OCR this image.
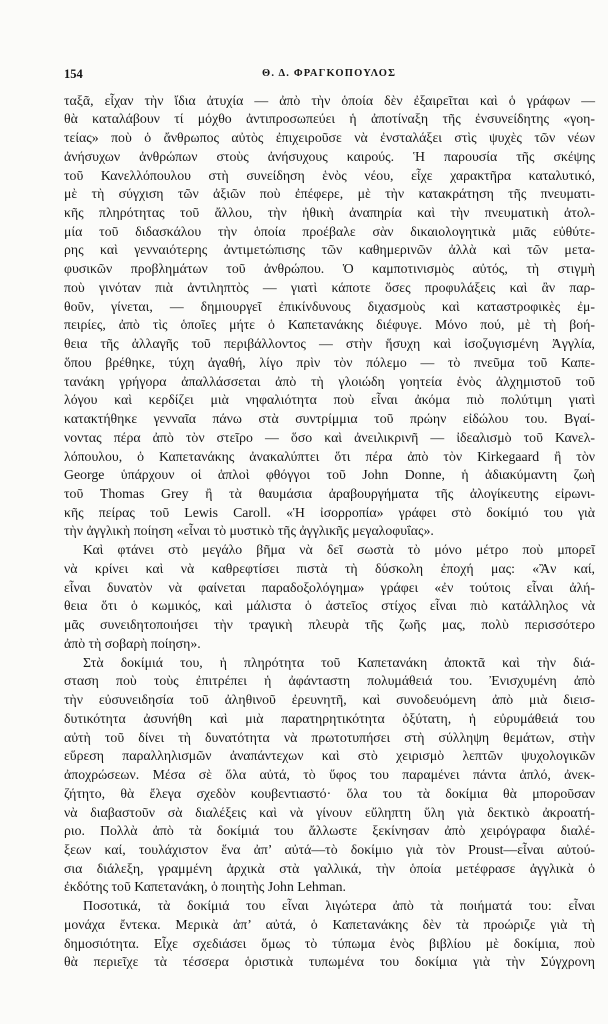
154	Θ. Δ. ΦΡΑΓΚΟΠΟΥΛΟΣ
ταξᾶ, εἶχαν τὴν ἴδια ἀτυχία — ἀπὸ τὴν ὁποία δὲν ἐξαιρεῖται καὶ ὁ γράφων —
θὰ καταλάβουν τί μόχθο ἀντιπροσωπεύει ἡ ἀποτίναξη τῆς ἐνσυνείδητης «γοη-
τείας» ποὺ ὁ ἄνθρωπος αὐτὸς ἐπιχειροῦσε νὰ ἐνσταλάξει στὶς ψυχὲς τῶν νέων
ἀνήσυχων ἀνθρώπων στοὺς ἀνήσυχους καιρούς. Ἡ παρουσία τῆς σκέψης
τοῦ Κανελλόπουλου στὴ συνείδηση ἑνὸς νέου, εἶχε χαρακτῆρα καταλυτικό,
μὲ τὴ σύγχιση τῶν ἀξιῶν ποὺ ἐπέφερε, μὲ τὴν κατακράτηση τῆς πνευματι-
κῆς πληρότητας τοῦ ἄλλου, τὴν ἠθικὴ ἀναπηρία καὶ τὴν πνευματικὴ ἀτολ-
μία τοῦ διδασκάλου τὴν ὁποία προέβαλε σὰν δικαιολογητικὰ μιᾶς εὐθύτε-
ρης καὶ γενναιότερης ἀντιμετώπισης τῶν καθημερινῶν ἀλλὰ καὶ τῶν μετα-
φυσικῶν προβλημάτων τοῦ ἀνθρώπου. Ὁ καμποτινισμὸς αὐτός, τὴ στιγμὴ
ποὺ γινόταν πιὰ ἀντιληπτὸς — γιατὶ κάποτε ὅσες προφυλάξεις καὶ ἂν παρ-
θοῦν, γίνεται, — δημιουργεῖ ἐπικίνδυνους διχασμοὺς καὶ καταστροφικὲς ἐμ-
πειρίες, ἀπὸ τὶς ὁποῖες μήτε ὁ Καπετανάκης διέφυγε. Μόνο πού, μὲ τὴ βοή-
θεια τῆς ἀλλαγῆς τοῦ περιβάλλοντος — στὴν ἥσυχη καὶ ἰσοζυγισμένη Ἀγγλία,
ὅπου βρέθηκε, τύχη ἀγαθή, λίγο πρὶν τὸν πόλεμο — τὸ πνεῦμα τοῦ Καπε-
τανάκη γρήγορα ἀπαλλάσσεται ἀπὸ τὴ γλοιώδη γοητεία ἑνὸς ἀλχημιστοῦ τοῦ
λόγου καὶ κερδίζει μιὰ νηφαλιότητα ποὺ εἶναι ἀκόμα πιὸ πολύτιμη γιατὶ
κατακτήθηκε γενναῖα πάνω στὰ συντρίμμια τοῦ πρώην εἰδώλου του. Βγαί-
νοντας πέρα ἀπὸ τὸν στεῖρο — ὅσο καὶ ἀνειλικρινῆ — ἰδεαλισμὸ τοῦ Κανελ-
λόπουλου, ὁ Καπετανάκης ἀνακαλύπτει ὅτι πέρα ἀπὸ τὸν Kirkegaard ἢ τὸν
George ὑπάρχουν οἱ ἁπλοὶ φθόγγοι τοῦ John Donne, ἡ ἀδιακύμαντη ζωὴ
τοῦ Thomas Grey ἢ τὰ θαυμάσια ἀραβουργήματα τῆς ἀλογίκευτης εἰρωνι-
κῆς πείρας τοῦ Lewis Caroll. «Ἡ ἰσορροπία» γράφει στὸ δοκίμιό του γιὰ
τὴν ἀγγλικὴ ποίηση «εἶναι τὸ μυστικὸ τῆς ἀγγλικῆς μεγαλοφυΐας».
Καὶ φτάνει στὸ μεγάλο βῆμα νὰ δεῖ σωστὰ τὸ μόνο μέτρο ποὺ μπορεῖ
νὰ κρίνει καὶ νὰ καθρεφτίσει πιστὰ τὴ δύσκολη ἐποχή μας: «Ἂν καί,
εἶναι δυνατὸν νὰ φαίνεται παραδοξολόγημα» γράφει «ἐν τούτοις εἶναι ἀλή-
θεια ὅτι ὁ κωμικός, καὶ μάλιστα ὁ ἀστεῖος στίχος εἶναι πιὸ κατάλληλος νὰ
μᾶς συνειδητοποιήσει τὴν τραγικὴ πλευρὰ τῆς ζωῆς μας, πολὺ περισσότερο
ἀπὸ τὴ σοβαρὴ ποίηση».
Στὰ δοκίμιά του, ἡ πληρότητα τοῦ Καπετανάκη ἀποκτᾶ καὶ τὴν διά-
σταση ποὺ τοὺς ἐπιτρέπει ἡ ἀφάνταστη πολυμάθειά του. Ἐνισχυμένη ἀπὸ
τὴν εὐσυνειδησία τοῦ ἀληθινοῦ ἐρευνητῆ, καὶ συνοδευόμενη ἀπὸ μιὰ διεισ-
δυτικότητα ἀσυνήθη καὶ μιὰ παρατηρητικότητα ὀξύτατη, ἡ εὐρυμάθειά του
αὐτὴ τοῦ δίνει τὴ δυνατότητα νὰ πρωτοτυπήσει στὴ σύλληψη θεμάτων, στὴν
εὕρεση παραλληλισμῶν ἀναπάντεχων καὶ στὸ χειρισμὸ λεπτῶν ψυχολογικῶν
ἀποχρώσεων. Μέσα σὲ ὅλα αὐτά, τὸ ὕφος του παραμένει πάντα ἁπλό, ἀνεκ-
ζήτητο, θὰ ἔλεγα σχεδὸν κουβεντιαστό· ὅλα του τὰ δοκίμια θὰ μποροῦσαν
νὰ διαβαστοῦν σὰ διαλέξεις καὶ νὰ γίνουν εὔληπτη ὕλη γιὰ δεκτικὸ ἀκροατή-
ριο. Πολλὰ ἀπὸ τὰ δοκίμιά του ἄλλωστε ξεκίνησαν ἀπὸ χειρόγραφα διαλέ-
ξεων καί, τουλάχιστον ἕνα ἀπ’ αὐτά—τὸ δοκίμιο γιὰ τὸν Proust—εἶναι αὐτού-
σια διάλεξη, γραμμένη ἀρχικὰ στὰ γαλλικά, τὴν ὁποία μετέφρασε ἀγγλικὰ ὁ
ἐκδότης τοῦ Καπετανάκη, ὁ ποιητὴς John Lehman.
Ποσοτικά, τὰ δοκίμιά του εἶναι λιγώτερα ἀπὸ τὰ ποιήματά του: εἶναι
μονάχα ἔντεκα. Μερικὰ ἀπ’ αὐτά, ὁ Καπετανάκης δὲν τὰ προώριζε γιὰ τὴ
δημοσιότητα. Εἶχε σχεδιάσει ὅμως τὸ τύπωμα ἑνὸς βιβλίου μὲ δοκίμια, ποὺ
θὰ περιεῖχε τὰ τέσσερα ὁριστικὰ τυπωμένα του δοκίμια γιὰ τὴν Σύγχρονη
